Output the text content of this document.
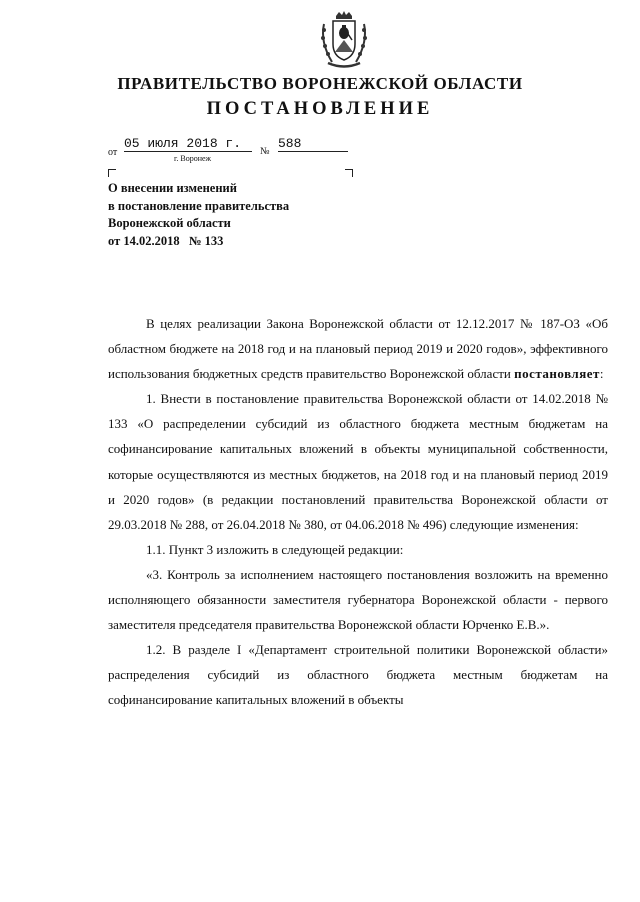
ПРАВИТЕЛЬСТВО ВОРОНЕЖСКОЙ ОБЛАСТИ
ПОСТАНОВЛЕНИЕ
от
05 июля 2018 г.
№
588
г. Воронеж
О внесении изменений
в постановление правительства
Воронежской области
от 14.02.2018   № 133

В целях реализации Закона Воронежской области от 12.12.2017 № 187-ОЗ «Об областном бюджете на 2018 год и на плановый период 2019 и 2020 годов», эффективного использования бюджетных средств правительство Воронежской области постановляет:

1. Внести в постановление правительства Воронежской области от 14.02.2018 № 133 «О распределении субсидий из областного бюджета местным бюджетам на софинансирование капитальных вложений в объекты муниципальной собственности, которые осуществляются из местных бюджетов, на 2018 год и на плановый период 2019 и 2020 годов» (в редакции постановлений правительства Воронежской области от 29.03.2018 № 288, от 26.04.2018 № 380, от 04.06.2018 № 496) следующие изменения:

1.1. Пункт 3 изложить в следующей редакции:

«3. Контроль за исполнением настоящего постановления возложить на временно исполняющего обязанности заместителя губернатора Воронежской области - первого заместителя председателя правительства Воронежской области Юрченко Е.В.».

1.2. В разделе I «Департамент строительной политики Воронежской области» распределения субсидий из областного бюджета местным бюджетам на софинансирование капитальных вложений в объекты
